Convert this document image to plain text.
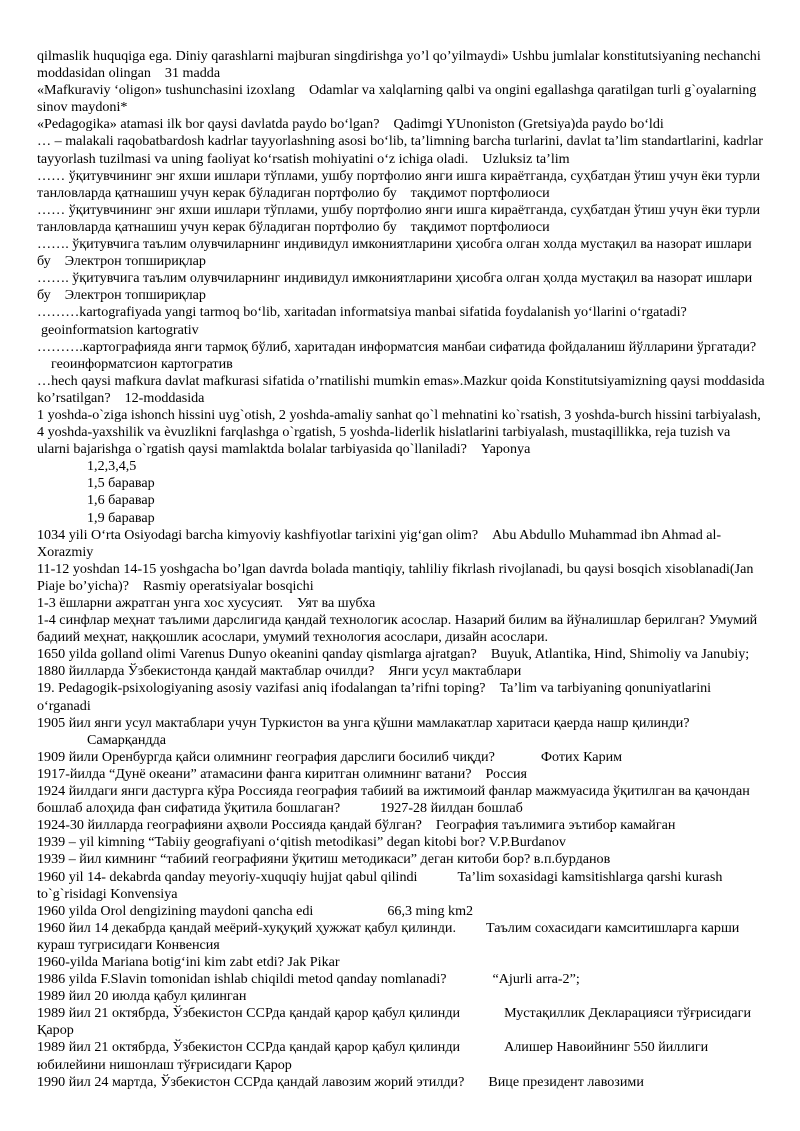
qilmaslik huquqiga ega. Diniy qarashlarni majburan singdirishga yo’l qo’yilmaydi» Ushbu jumlalar konstitutsiyaning nechanchi moddasidan olingan 31 madda
«Mafkuraviy ‘oligon» tushunchasini izoxlang Odamlar va xalqlarning qalbi va ongini egallashga qaratilgan turli g`oyalarning sinov maydoni*
«Pedagogika» atamasi ilk bor qaysi davlatda paydo bo‘lgan? Qadimgi YUnoniston (Gretsiya)da paydo bo‘ldi
… – malakali raqobatbardosh kadrlar tayyorlashning asosi bo‘lib, ta’limning barcha turlarini, davlat ta’lim standartlarini, kadrlar tayyorlash tuzilmasi va uning faoliyat ko‘rsatish mohiyatini o‘z ichiga oladi. Uzluksiz ta’lim
…… ўқитувчининг энг яхши ишлари тўплами, ушбу портфолио янги ишга кираётганда, суҳбатдан ўтиш учун ёки турли танловларда қатнашиш учун керак бўладиган портфолио бу тақдимот портфолиоси
…… ўқитувчининг энг яхши ишлари тўплами, ушбу портфолио янги ишга кираётганда, суҳбатдан ўтиш учун ёки турли танловларда қатнашиш учун керак бўладиган портфолио бу тақдимот портфолиоси
……. ўқитувчига таълим олувчиларнинг индивидул имкониятларини ҳисобга олган холда мустақил ва назорат ишлари бу Электрон топшириқлар
……. ўқитувчига таълим олувчиларнинг индивидул имкониятларини ҳисобга олган ҳолда мустақил ва назорат ишлари бу Электрон топшириқлар
………kartografiyada yangi tarmoq bo‘lib, xaritadan informatsiya manbai sifatida foydalanish yo‘llarini o‘rgatadi?geoinformatsion kartogrativ
……….картографияда янги тармоқ бўлиб, харитадан информатсия манбаи сифатида фойдаланиш йўлларини ўргатади?геоинформатсион картогратив
…hech qaysi mafkura davlat mafkurasi sifatida o’rnatilishi mumkin emas».Mazkur qoida Konstitutsiyamizning qaysi moddasida ko’rsatilgan? 12-moddasida
1 yoshda-o`ziga ishonch hissini uyg`otish, 2 yoshda-amaliy sanhat qo`l mehnatini ko`rsatish, 3 yoshda-burch hissini tarbiyalash, 4 yoshda-yaxshilik va ѐvuzlikni farqlashga o`rgatish, 5 yoshda-liderlik hislatlarini tarbiyalash, mustaqillikka, reja tuzish va ularni bajarishga o`rgatish qaysi mamlaktda bolalar tarbiyasida qo`llaniladi? Yaponya
1,2,3,4,5
1,5 баравар
1,6 баравар
1,9 баравар
1034 yili O‘rta Osiyodagi barcha kimyoviy kashfiyotlar tarixini yig‘gan olim? Abu Abdullo Muhammad ibn Ahmad al-Xorazmiy
11-12 yoshdan 14-15 yoshgacha bo’lgan davrda bolada mantiqiy, tahliliy fikrlash rivojlanadi, bu qaysi bosqich xisoblanadi(Jan Piaje bo’yicha)? Rasmiy operatsiyalar bosqichi
1-3 ёшларни ажратган унга хос хусусият. Уят ва шубха
1-4 синфлар меҳнат таълими дарслигида қандай технологик асослар. Назарий билим ва йўналишлар берилган? Умумий бадиий меҳнат, наққошлик асослари, умумий технология асослари, дизайн асослари.
1650 yilda golland olimi Varenus Dunyo okeanini qanday qismlarga ajratgan? Buyuk, Atlantika, Hind, Shimoliy va Janubiy;
1880 йилларда Ўзбекистонда қандай мактаблар очилди? Янги усул мактаблари
19. Pedagogik-psixologiyaning asosiy vazifasi aniq ifodalangan ta’rifni toping? Ta’lim va tarbiyaning qonuniyatlarini o‘rganadi
1905 йил янги усул мактаблари учун Туркистон ва унга қўшни мамлакатлар харитаси қаерда нашр қилинди?Самарқандда
1909 йили Оренбургда қайси олимнинг география дарслиги босилиб чиқди?	Фотих Карим
1917-йилда “Дунё океани” атамасини фанга киритган олимнинг ватани? Россия
1924 йилдаги янги дастурга кўра Россияда география табиий ва ижтимоий фанлар мажмуасида ўқитилган ва қачондан бошлаб алоҳида фан сифатида ўқитила бошлаган?	1927-28 йилдан бошлаб
1924-30 йилларда географияни аҳволи Россияда қандай бўлган? География таълимига эътибор камайган
1939 – yil kimning “Tabiiy geografiyani o‘qitish metodikasi” degan kitobi bor? V.P.Burdanov
1939 – йил кимнинг “табиий географияни ўқитиш методикаси” деган китоби бор? в.п.бурданов
1960 yil 14- dekabrda qanday meyoriy-xuquqiy hujjat qabul qilindi	Ta’lim soxasidagi kamsitishlarga qarshi kurash to`g`risidagi Konvensiya
1960 yilda Orol dengizining maydoni qancha edi	66,3 ming km2
1960 йил 14 декабрда қандай меёрий-хуқуқий ҳужжат қабул қилинди. Таълим сохасидаги камситишларга карши кураш тугрисидаги Конвенсия
1960-yilda Mariana botig‘ini kim zabt etdi? Jak Pikar
1986 yilda F.Slavin tomonidan ishlab chiqildi metod qanday nomlanadi?	“Ajurli arra-2”;
1989 йил 20 июлда қабул қилинган
1989 йил 21 октябрда, Ўзбекистон ССРда қандай қарор қабул қилинди	Мустақиллик Декларацияси тўғрисидаги Қарор
1989 йил 21 октябрда, Ўзбекистон ССРда қандай қарор қабул қилинди	Алишер Навоийнинг 550 йиллиги юбилейини нишонлаш тўғрисидаги Қарор
1990 йил 24 мартда, Ўзбекистон ССРда қандай лавозим жорий этилди? Вице президент лавозими
